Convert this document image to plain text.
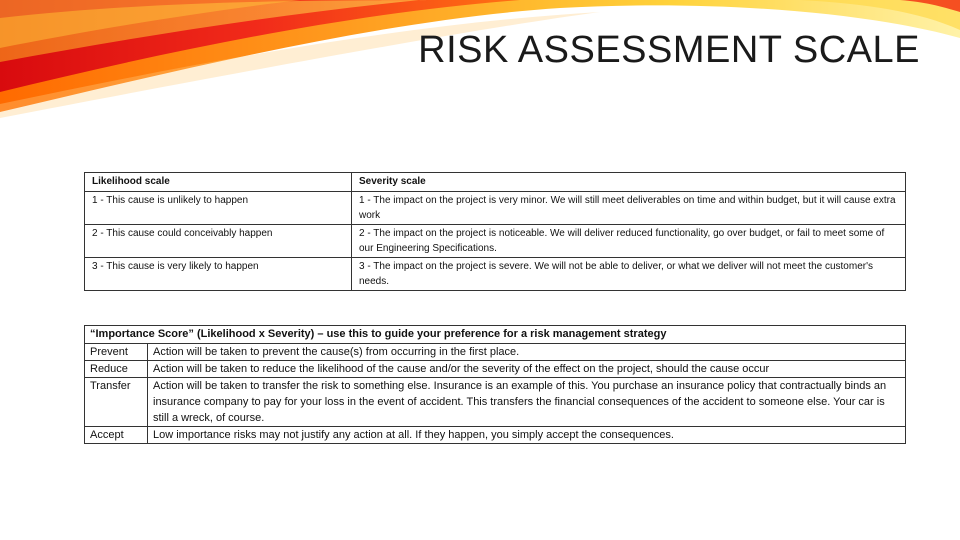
RISK ASSESSMENT SCALE
Likelihood scale	Severity scale
1 - This cause is unlikely to happen	1 - The impact on the project is very minor. We will still meet deliverables on time and within budget, but it will cause extra work
2 - This cause could conceivably happen	2 - The impact on the project is noticeable. We will deliver reduced functionality, go over budget, or fail to meet some of our Engineering Specifications.
3 - This cause is very likely to happen	3 - The impact on the project is severe. We will not be able to deliver, or what we deliver will not meet the customer's needs.
“Importance Score” (Likelihood x Severity) – use this to guide your preference for a risk management strategy	
Prevent	Action will be taken to prevent the cause(s) from occurring in the first place.
Reduce	Action will be taken to reduce the likelihood of the cause and/or the severity of the effect on the project, should the cause occur
Transfer	Action will be taken to transfer the risk to something else. Insurance is an example of this. You purchase an insurance policy that contractually binds an insurance company to pay for your loss in the event of accident. This transfers the financial consequences of the accident to someone else. Your car is still a wreck, of course.
Accept	Low importance risks may not justify any action at all. If they happen, you simply accept the consequences.
